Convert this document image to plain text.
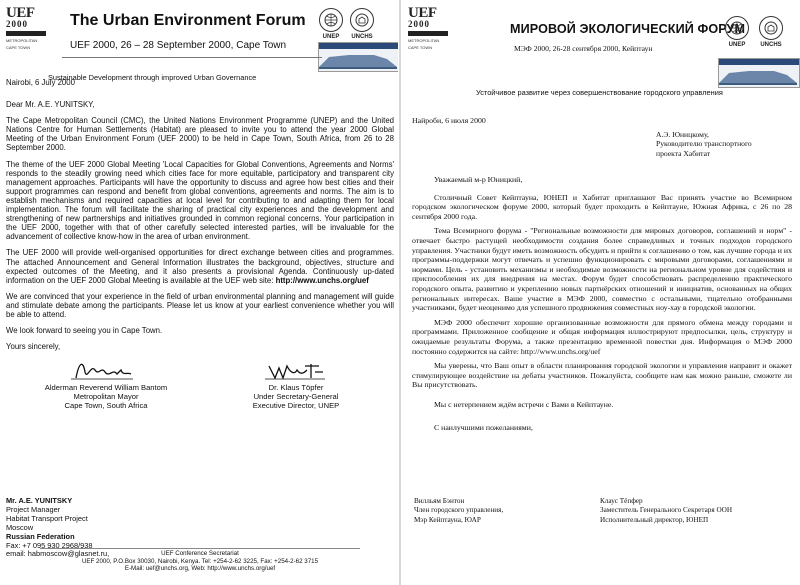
UEF
2000
METROPOLITAN
CAPE TOWN
The Urban Environment Forum
UNEP	UNCHS
UEF 2000, 26 – 28 September 2000, Cape Town
Sustainable Development through improved Urban Governance

Nairobi, 6 July 2000

Dear Mr. A.E. YUNITSKY,

The Cape Metropolitan Council (CMC), the United Nations Environment Programme (UNEP) and the United Nations Centre for Human Settlements (Habitat) are pleased to invite you to attend the year 2000 Global Meeting of the Urban Environment Forum (UEF 2000) to be held in Cape Town, South Africa, from 26 to 28 September 2000.

The theme of the UEF 2000 Global Meeting 'Local Capacities for Global Conventions, Agreements and Norms' responds to the steadily growing need which cities face for more equitable, participatory and transparent city management approaches. Participants will have the opportunity to discuss and agree how best cities and their support programmes can respond and benefit from global conventions, agreements and norms. The aim is to establish mechanisms and required capacities at local level for contributing to and adapting them for local implementation. The forum will facilitate the sharing of practical city experiences and the development and strengthening of new partnerships and initiatives grounded in common regional concerns. Your participation in the UEF 2000, together with that of other carefully selected interested parties, will be invaluable for the advancement of collective know-how in the area of urban environment.

The UEF 2000 will provide well-organised opportunities for direct exchange between cities and programmes. The attached Announcement and General Information illustrates the background, objectives, structure and expected outcomes of the Meeting, and it also presents a provisional Agenda. Continuously up-dated information on the UEF 2000 Global Meeting is available at the UEF web site: http://www.unchs.org/uef

We are convinced that your experience in the field of urban environmental planning and management will guide and stimulate debate among the participants. Please let us know at your earliest convenience whether you will be able to attend.

We look forward to seeing you in Cape Town.

Yours sincerely,

Alderman Reverend William Bantom
Metropolitan Mayor
Cape Town, South Africa
Dr. Klaus Töpfer
Under Secretary-General
Executive Director, UNEP
Mr. A.E. YUNITSKY
Project Manager
Habitat Transport Project
Moscow
Russian Federation
Fax: +7 095 930 2968/938
email: habmoscow@glasnet.ru,	UEF Conference Secretariat
UEF 2000, P.O.Box 30030, Nairobi, Kenya. Tel: +254-2-62 3225, Fax: +254-2-62 3715
E-Mail: uef@unchs.org, Web: http://www.unchs.org/uef
UEF
2000
METROPOLITAN
CAPE TOWN
МИРОВОЙ ЭКОЛОГИЧЕСКИЙ ФОРУМ
МЭФ 2000, 26-28 сентября 2000, Кейптаун	UNEP	UNCHS
Устойчивое развитие через совершенствование городского управления
Найроби, 6 июля 2000
А.Э. Юницкому,
Руководителю транспортного
проекта Хабитат

Уважаемый м-р Юницкий,

Столичный Совет Кейптауна, ЮНЕП и Хабитат приглашают Вас принять участие во Всемирном городском экологическом форуме 2000, который будет проходить в Кейптауне, Южная Африка, с 26 по 28 сентября 2000 года.

Тема Всемирного форума - "Региональные возможности для мировых договоров, соглашений и норм" - отвечает быстро растущей необходимости создания более справедливых и точных подходов городского управления. Участники будут иметь возможность обсудить и прийти к соглашению о том, как лучшие города и их программы-поддержки могут отвечать и успешно функционировать с мировыми договорами, соглашениями и нормами. Цель - установить механизмы и необходимые возможности на региональном уровне для содействия и приспособления их для внедрения на местах. Форум будет способствовать распределению практического городского опыта, развитию и укреплению новых партнёрских отношений и инициатив, основанных на общих региональных интересах. Ваше участие в МЭФ 2000, совместно с остальными, тщательно отобранными участниками, будет неоценимо для успешного продвижения совместных ноу-хау в городской экологии.

МЭФ 2000 обеспечит хорошие организованные возможности для прямого обмена между городами и программами. Приложенное сообщение и общая информация иллюстрируют предпосылки, цель, структуру и ожидаемые результаты Форума, а также презентацию временной повестки дня. Информация о МЭФ 2000 постоянно содержится на сайте: http://www.unchs.org/uef

Мы уверены, что Ваш опыт в области планирования городской экологии и управления направит и окажет стимулирующее воздействие на дебаты участников. Пожалуйста, сообщите нам как можно раньше, сможете ли Вы присутствовать.

Мы с нетерпением ждём встречи с Вами в Кейптауне.

С наилучшими пожеланиями,

Вилльям Бэнтон
Член городского управления,
Мэр Кейптауна, ЮАР
Клаус Тёпфер
Заместитель Генерального Секретаря ООН
Исполнительный директор, ЮНЕП
